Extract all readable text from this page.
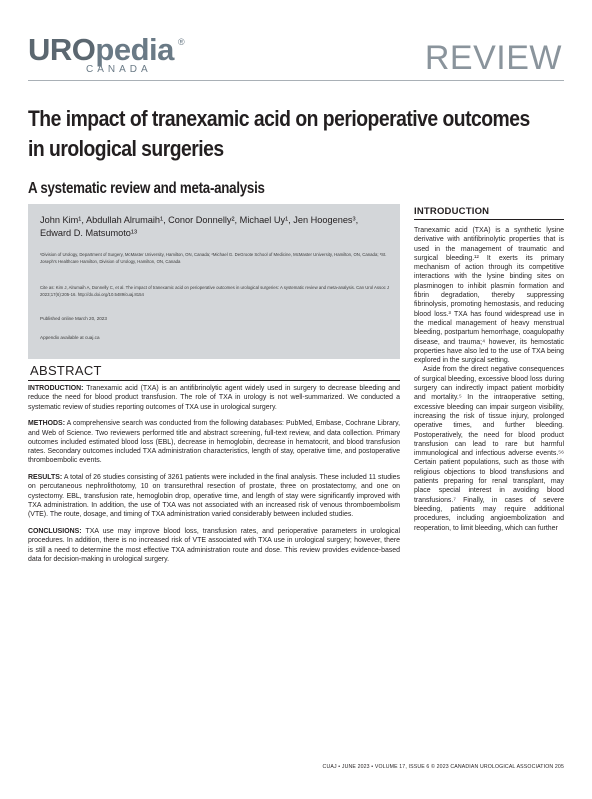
UROpedia ®
CANADA	REVIEW
The impact of tranexamic acid on perioperative outcomes in urological surgeries
A systematic review and meta-analysis
John Kim¹, Abdullah Alrumaih¹, Conor Donnelly², Michael Uy¹, Jen Hoogenes³, Edward D. Matsumoto¹³
¹Division of Urology, Department of Surgery, McMaster University, Hamilton, ON, Canada; ²Michael G. DeGroote School of Medicine, McMaster University, Hamilton, ON, Canada; ³St. Joseph's Healthcare Hamilton, Division of Urology, Hamilton, ON, Canada
Cite as: Kim J, Alrumaih A, Donnelly C, et al. The impact of tranexamic acid on perioperative outcomes in urological surgeries: A systematic review and meta-analysis. Can Urol Assoc J 2023;17(6):205-16. http://dx.doi.org/10.5489/cuaj.8154
Published online March 20, 2023
Appendix available at cuaj.ca
ABSTRACT

INTRODUCTION: Tranexamic acid (TXA) is an antifibrinolytic agent widely used in surgery to decrease bleeding and reduce the need for blood product transfusion. The role of TXA in urology is not well-summarized. We conducted a systematic review of studies reporting outcomes of TXA use in urological surgery.

METHODS: A comprehensive search was conducted from the following databases: PubMed, Embase, Cochrane Library, and Web of Science. Two reviewers performed title and abstract screening, full-text review, and data collection. Primary outcomes included estimated blood loss (EBL), decrease in hemoglobin, decrease in hematocrit, and blood transfusion rates. Secondary outcomes included TXA administration characteristics, length of stay, operative time, and postoperative thromboembolic events.

RESULTS: A total of 26 studies consisting of 3261 patients were included in the final analysis. These included 11 studies on percutaneous nephrolithotomy, 10 on transurethral resection of prostate, three on prostatectomy, and one on cystectomy. EBL, transfusion rate, hemoglobin drop, operative time, and length of stay were significantly improved with TXA administration. In addition, the use of TXA was not associated with an increased risk of venous thromboembolism (VTE). The route, dosage, and timing of TXA administration varied considerably between included studies.

CONCLUSIONS: TXA use may improve blood loss, transfusion rates, and perioperative parameters in urological procedures. In addition, there is no increased risk of VTE associated with TXA use in urological surgery; however, there is still a need to determine the most effective TXA administration route and dose. This review provides evidence-based data for decision-making in urological surgery.

INTRODUCTION

Tranexamic acid (TXA) is a synthetic lysine derivative with antifibrinolytic properties that is used in the management of traumatic and surgical bleeding.¹² It exerts its primary mechanism of action through its competitive interactions with the lysine binding sites on plasminogen to inhibit plasmin formation and fibrin degradation, thereby suppressing fibrinolysis, promoting hemostasis, and reducing blood loss.³ TXA has found widespread use in the medical management of heavy menstrual bleeding, postpartum hemorrhage, coagulopathy disease, and trauma;⁴ however, its hemostatic properties have also led to the use of TXA being explored in the surgical setting.

Aside from the direct negative consequences of surgical bleeding, excessive blood loss during surgery can indirectly impact patient morbidity and mortality.⁵ In the intraoperative setting, excessive bleeding can impair surgeon visibility, increasing the risk of tissue injury, prolonged operative times, and further bleeding. Postoperatively, the need for blood product transfusion can lead to rare but harmful immunological and infectious adverse events.⁵⁶ Certain patient populations, such as those with religious objections to blood transfusions and patients preparing for renal transplant, may place special interest in avoiding blood transfusions.⁷ Finally, in cases of severe bleeding, patients may require additional procedures, including angioembolization and reoperation, to limit bleeding, which can further

CUAJ • JUNE 2023 • VOLUME 17, ISSUE 6 © 2023 CANADIAN UROLOGICAL ASSOCIATION 205
